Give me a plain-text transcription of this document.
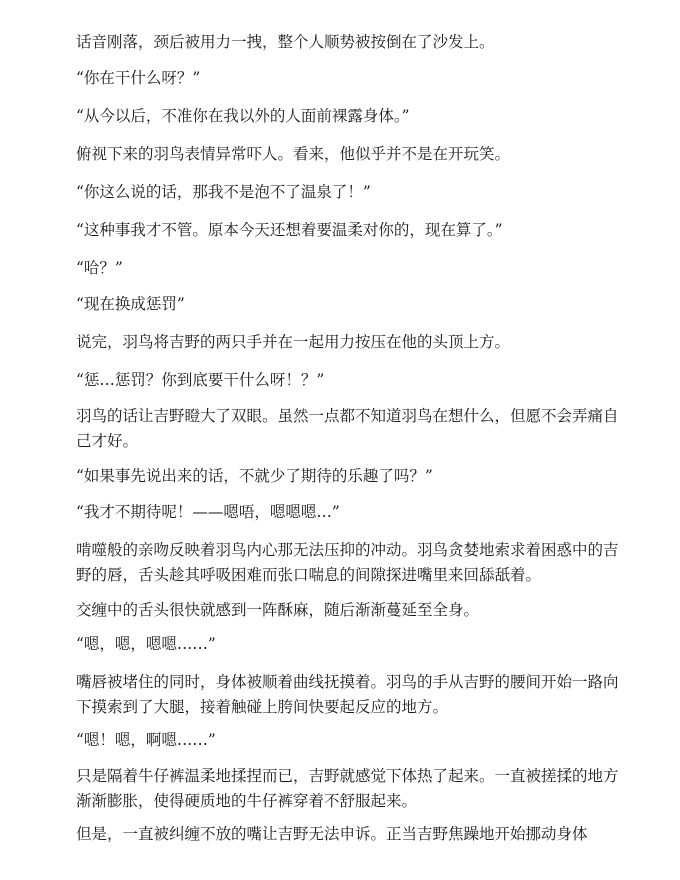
话音刚落，颈后被用力一拽，整个人顺势被按倒在了沙发上。

“你在干什么呀？”

“从今以后，不准你在我以外的人面前裸露身体。”

俯视下来的羽鸟表情异常吓人。看来，他似乎并不是在开玩笑。

“你这么说的话，那我不是泡不了温泉了！”

“这种事我才不管。原本今天还想着要温柔对你的，现在算了。”

“哈？”

“现在换成惩罚”

说完，羽鸟将吉野的两只手并在一起用力按压在他的头顶上方。

“惩…惩罚？你到底要干什么呀！？”

羽鸟的话让吉野瞪大了双眼。虽然一点都不知道羽鸟在想什么，但愿不会弄痛自己才好。

“如果事先说出来的话，不就少了期待的乐趣了吗？”

“我才不期待呢！——嗯唔，嗯嗯嗯…”

啃噬般的亲吻反映着羽鸟内心那无法压抑的冲动。羽鸟贪婪地索求着困惑中的吉野的唇，舌头趁其呼吸困难而张口喘息的间隙探进嘴里来回舔舐着。

交缠中的舌头很快就感到一阵酥麻，随后渐渐蔓延至全身。

“嗯，嗯，嗯嗯……”

嘴唇被堵住的同时，身体被顺着曲线抚摸着。羽鸟的手从吉野的腰间开始一路向下摸索到了大腿，接着触碰上胯间快要起反应的地方。

“嗯！嗯，啊嗯……”

只是隔着牛仔裤温柔地揉捏而已，吉野就感觉下体热了起来。一直被搓揉的地方渐渐膨胀，使得硬质地的牛仔裤穿着不舒服起来。

但是，一直被纠缠不放的嘴让吉野无法申诉。正当吉野焦躁地开始挪动身体
